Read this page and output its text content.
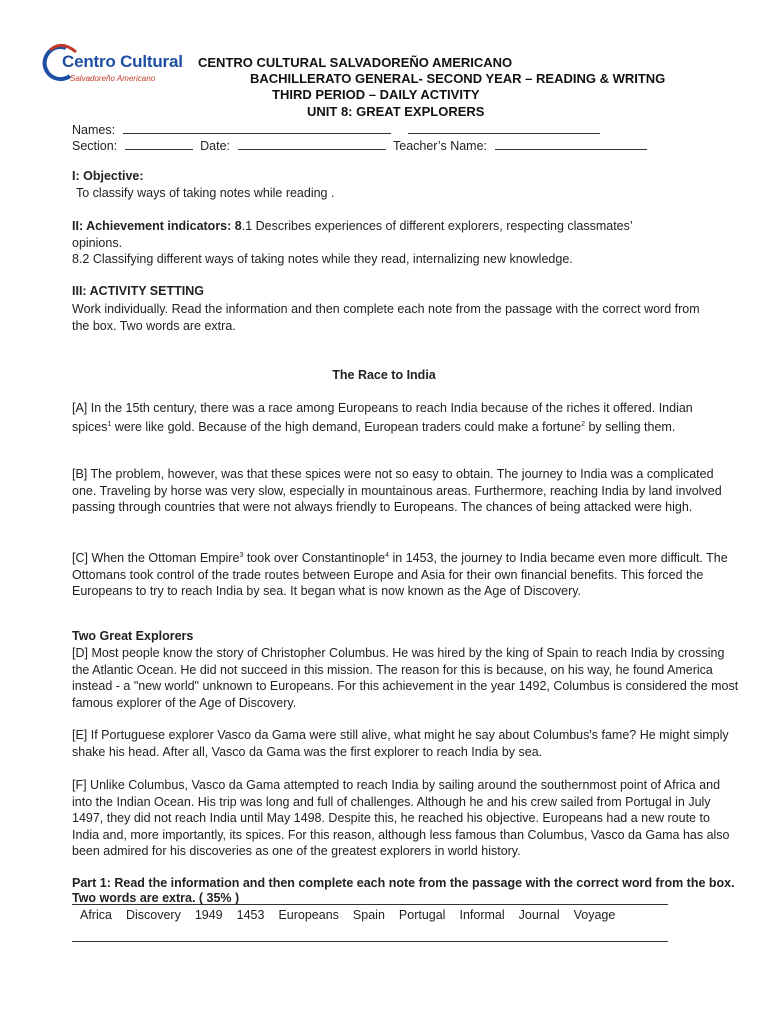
Centro Cultural
Salvadoreño Americano
CENTRO CULTURAL SALVADOREÑO AMERICANO
BACHILLERATO GENERAL- SECOND YEAR – READING & WRITNG
THIRD PERIOD – DAILY ACTIVITY
UNIT 8: GREAT EXPLORERS
Names:
Section:	Date:	Teacher’s Name:
I: Objective:
To classify ways of taking notes while reading .
II: Achievement indicators: 8.1 Describes experiences of different explorers, respecting classmates’
opinions.
8.2 Classifying different ways of taking notes while they read, internalizing new knowledge.
III: ACTIVITY SETTING
Work individually. Read the information and then complete each note from the passage with the correct word from the box. Two words are extra.
The Race to India
[A] In the 15th century, there was a race among Europeans to reach India because of the riches it offered. Indian spices$^1$ were like gold. Because of the high demand, European traders could make a fortune$^2$ by selling them.
[B] The problem, however, was that these spices were not so easy to obtain. The journey to India was a complicated one. Traveling by horse was very slow, especially in mountainous areas. Furthermore, reaching India by land involved passing through countries that were not always friendly to Europeans. The chances of being attacked were high.
[C] When the Ottoman Empire$^3$ took over Constantinople$^4$ in 1453, the journey to India became even more difficult. The Ottomans took control of the trade routes between Europe and Asia for their own financial benefits. This forced the Europeans to try to reach India by sea. It began what is now known as the Age of Discovery.
Two Great Explorers
[D] Most people know the story of Christopher Columbus. He was hired by the king of Spain to reach India by crossing the Atlantic Ocean. He did not succeed in this mission. The reason for this is because, on his way, he found America instead - a "new world" unknown to Europeans. For this achievement in the year 1492, Columbus is considered the most famous explorer of the Age of Discovery.
[E] If Portuguese explorer Vasco da Gama were still alive, what might he say about Columbus's fame? He might simply shake his head. After all, Vasco da Gama was the first explorer to reach India by sea.
[F] Unlike Columbus, Vasco da Gama attempted to reach India by sailing around the southernmost point of Africa and into the Indian Ocean. His trip was long and full of challenges. Although he and his crew sailed from Portugal in July 1497, they did not reach India until May 1498. Despite this, he reached his objective. Europeans had a new route to India and, more importantly, its spices. For this reason, although less famous than Columbus, Vasco da Gama has also been admired for his discoveries as one of the greatest explorers in world history.
Part 1: Read the information and then complete each note from the passage with the correct word from the box. Two words are extra. ( 35% )
Africa Discovery 1949 1453 Europeans Spain Portugal Informal Journal Voyage
